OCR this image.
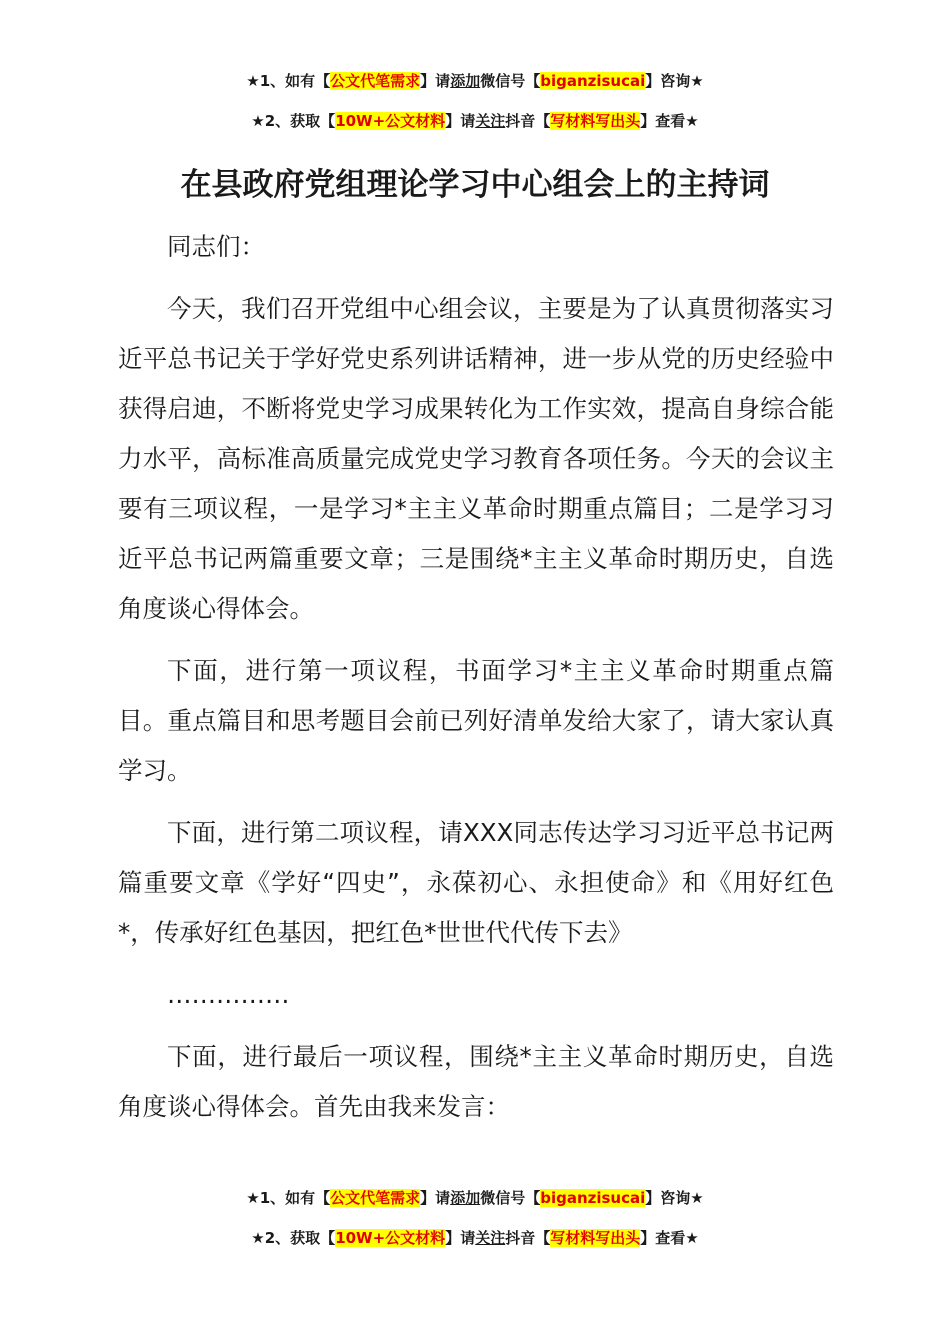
★1、如有【公文代笔需求】请添加微信号【biganzisucai】咨询★
★2、获取【10W+公文材料】请关注抖音【写材料写出头】查看★
在县政府党组理论学习中心组会上的主持词

同志们：

今天，我们召开党组中心组会议，主要是为了认真贯彻落实习近平总书记关于学好党史系列讲话精神，进一步从党的历史经验中获得启迪，不断将党史学习成果转化为工作实效，提高自身综合能力水平，高标准高质量完成党史学习教育各项任务。今天的会议主要有三项议程，一是学习*主主义革命时期重点篇目；二是学习习近平总书记两篇重要文章；三是围绕*主主义革命时期历史，自选角度谈心得体会。

下面，进行第一项议程，书面学习*主主义革命时期重点篇目。重点篇目和思考题目会前已列好清单发给大家了，请大家认真学习。

下面，进行第二项议程，请XXX同志传达学习习近平总书记两篇重要文章《学好“四史”，永葆初心、永担使命》和《用好红色*，传承好红色基因，把红色*世世代代传下去》

……………

下面，进行最后一项议程，围绕*主主义革命时期历史，自选角度谈心得体会。首先由我来发言：

★1、如有【公文代笔需求】请添加微信号【biganzisucai】咨询★
★2、获取【10W+公文材料】请关注抖音【写材料写出头】查看★
